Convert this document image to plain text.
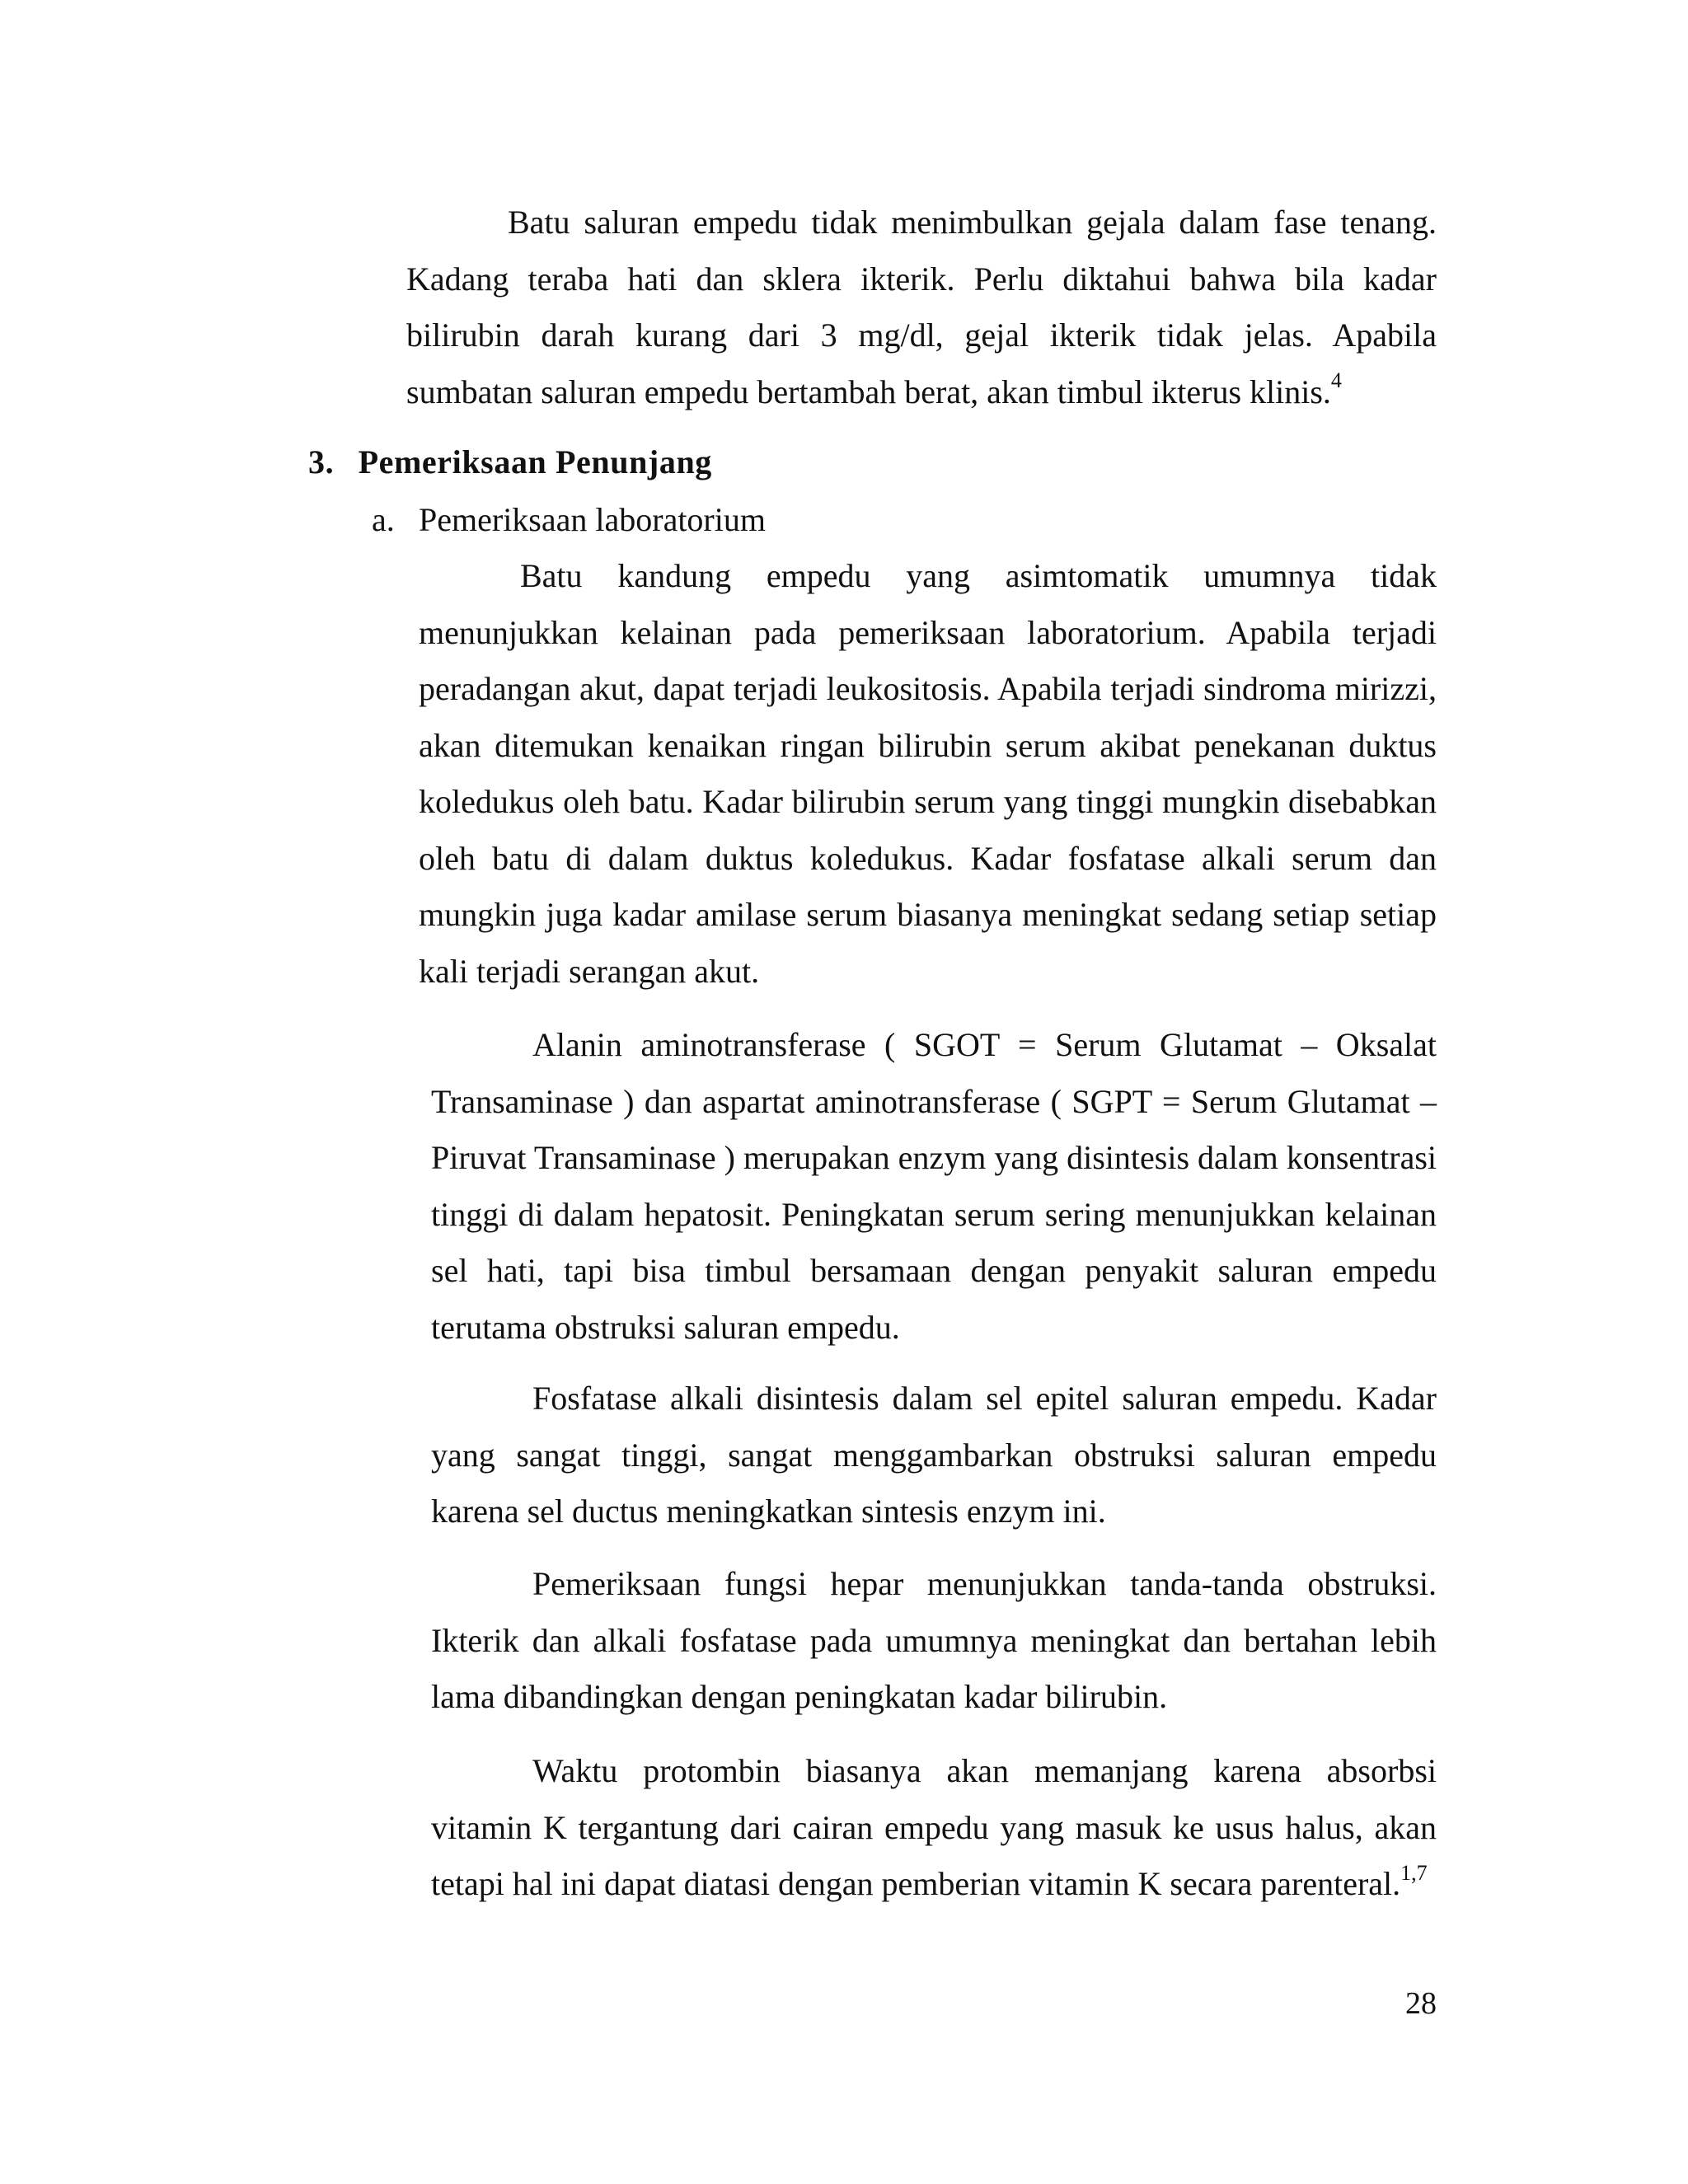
Batu saluran empedu tidak menimbulkan gejala dalam fase tenang. Kadang teraba hati dan sklera ikterik. Perlu diktahui bahwa bila kadar bilirubin darah kurang dari 3 mg/dl, gejal ikterik tidak jelas. Apabila sumbatan saluran empedu bertambah berat, akan timbul ikterus klinis.$^4$

3. Pemeriksaan Penunjang
a. Pemeriksaan laboratorium

Batu kandung empedu yang asimtomatik umumnya tidak menunjukkan kelainan pada pemeriksaan laboratorium. Apabila terjadi peradangan akut, dapat terjadi leukositosis. Apabila terjadi sindroma mirizzi, akan ditemukan kenaikan ringan bilirubin serum akibat penekanan duktus koledukus oleh batu. Kadar bilirubin serum yang tinggi mungkin disebabkan oleh batu di dalam duktus koledukus. Kadar fosfatase alkali serum dan mungkin juga kadar amilase serum biasanya meningkat sedang setiap setiap kali terjadi serangan akut.

Alanin aminotransferase ( SGOT = Serum Glutamat – Oksalat Transaminase ) dan aspartat aminotransferase ( SGPT = Serum Glutamat – Piruvat Transaminase ) merupakan enzym yang disintesis dalam konsentrasi tinggi di dalam hepatosit. Peningkatan serum sering menunjukkan kelainan sel hati, tapi bisa timbul bersamaan dengan penyakit saluran empedu terutama obstruksi saluran empedu.

Fosfatase alkali disintesis dalam sel epitel saluran empedu. Kadar yang sangat tinggi, sangat menggambarkan obstruksi saluran empedu karena sel ductus meningkatkan sintesis enzym ini.

Pemeriksaan fungsi hepar menunjukkan tanda-tanda obstruksi. Ikterik dan alkali fosfatase pada umumnya meningkat dan bertahan lebih lama dibandingkan dengan peningkatan kadar bilirubin.

Waktu protombin biasanya akan memanjang karena absorbsi vitamin K tergantung dari cairan empedu yang masuk ke usus halus, akan tetapi hal ini dapat diatasi dengan pemberian vitamin K secara parenteral.$^{1,7}$

28
